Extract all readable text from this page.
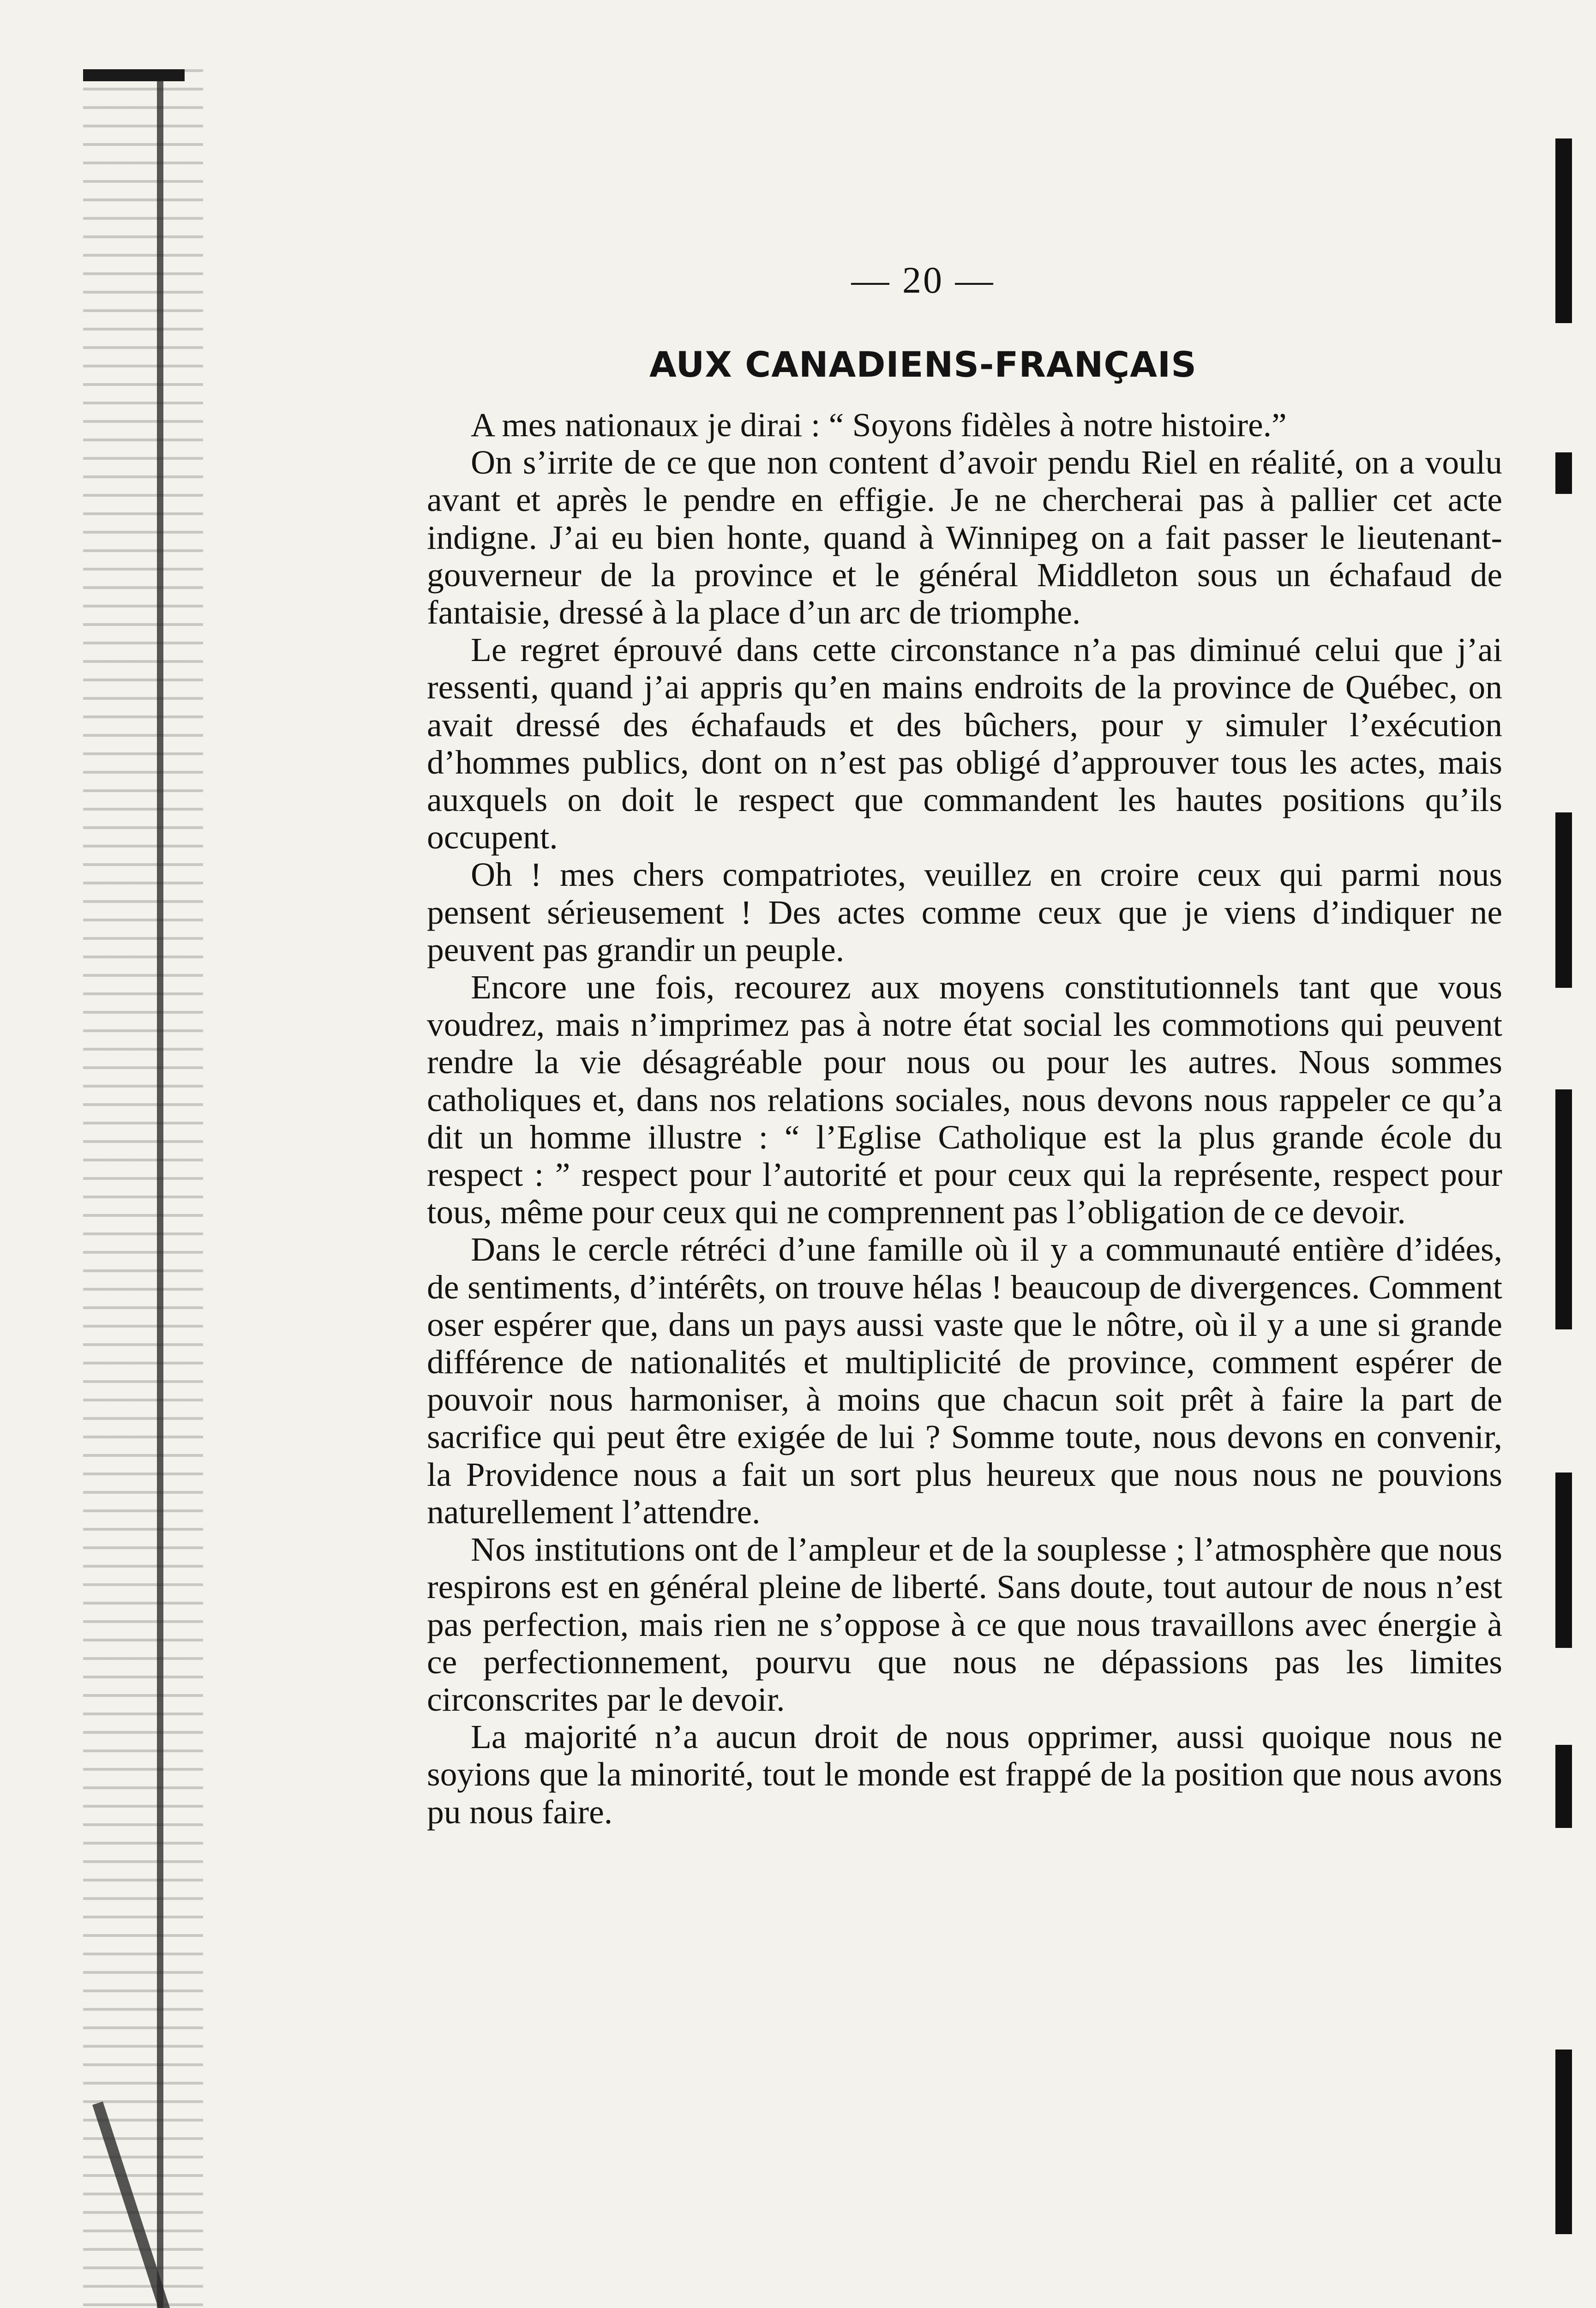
— 20 —
AUX CANADIENS-FRANÇAIS

A mes nationaux je dirai : “ Soyons fidèles à notre histoire.”

On s’irrite de ce que non content d’avoir pendu Riel en réalité, on a voulu avant et après le pendre en effigie. Je ne chercherai pas à pallier cet acte indigne. J’ai eu bien honte, quand à Winnipeg on a fait passer le lieutenant-gouverneur de la province et le général Middleton sous un échafaud de fantaisie, dressé à la place d’un arc de triomphe.

Le regret éprouvé dans cette circonstance n’a pas diminué celui que j’ai ressenti, quand j’ai appris qu’en mains endroits de la province de Québec, on avait dressé des échafauds et des bûchers, pour y simuler l’exécution d’hommes publics, dont on n’est pas obligé d’approuver tous les actes, mais auxquels on doit le respect que commandent les hautes positions qu’ils occupent.

Oh ! mes chers compatriotes, veuillez en croire ceux qui parmi nous pensent sérieusement ! Des actes comme ceux que je viens d’indiquer ne peuvent pas grandir un peuple.

Encore une fois, recourez aux moyens constitutionnels tant que vous voudrez, mais n’imprimez pas à notre état social les commotions qui peuvent rendre la vie désagréable pour nous ou pour les autres. Nous sommes catholiques et, dans nos relations sociales, nous devons nous rappeler ce qu’a dit un homme illustre : “ l’Eglise Catholique est la plus grande école du respect : ” respect pour l’autorité et pour ceux qui la représente, respect pour tous, même pour ceux qui ne comprennent pas l’obligation de ce devoir.

Dans le cercle rétréci d’une famille où il y a communauté entière d’idées, de sentiments, d’intérêts, on trouve hélas ! beaucoup de divergences. Comment oser espérer que, dans un pays aussi vaste que le nôtre, où il y a une si grande différence de nationalités et multiplicité de province, comment espérer de pouvoir nous harmoniser, à moins que chacun soit prêt à faire la part de sacrifice qui peut être exigée de lui ? Somme toute, nous devons en convenir, la Providence nous a fait un sort plus heureux que nous nous ne pouvions naturellement l’attendre.

Nos institutions ont de l’ampleur et de la souplesse ; l’atmosphère que nous respirons est en général pleine de liberté. Sans doute, tout autour de nous n’est pas perfection, mais rien ne s’oppose à ce que nous travaillons avec énergie à ce perfectionnement, pourvu que nous ne dépassions pas les limites circonscrites par le devoir.

La majorité n’a aucun droit de nous opprimer, aussi quoique nous ne soyions que la minorité, tout le monde est frappé de la position que nous avons pu nous faire.
